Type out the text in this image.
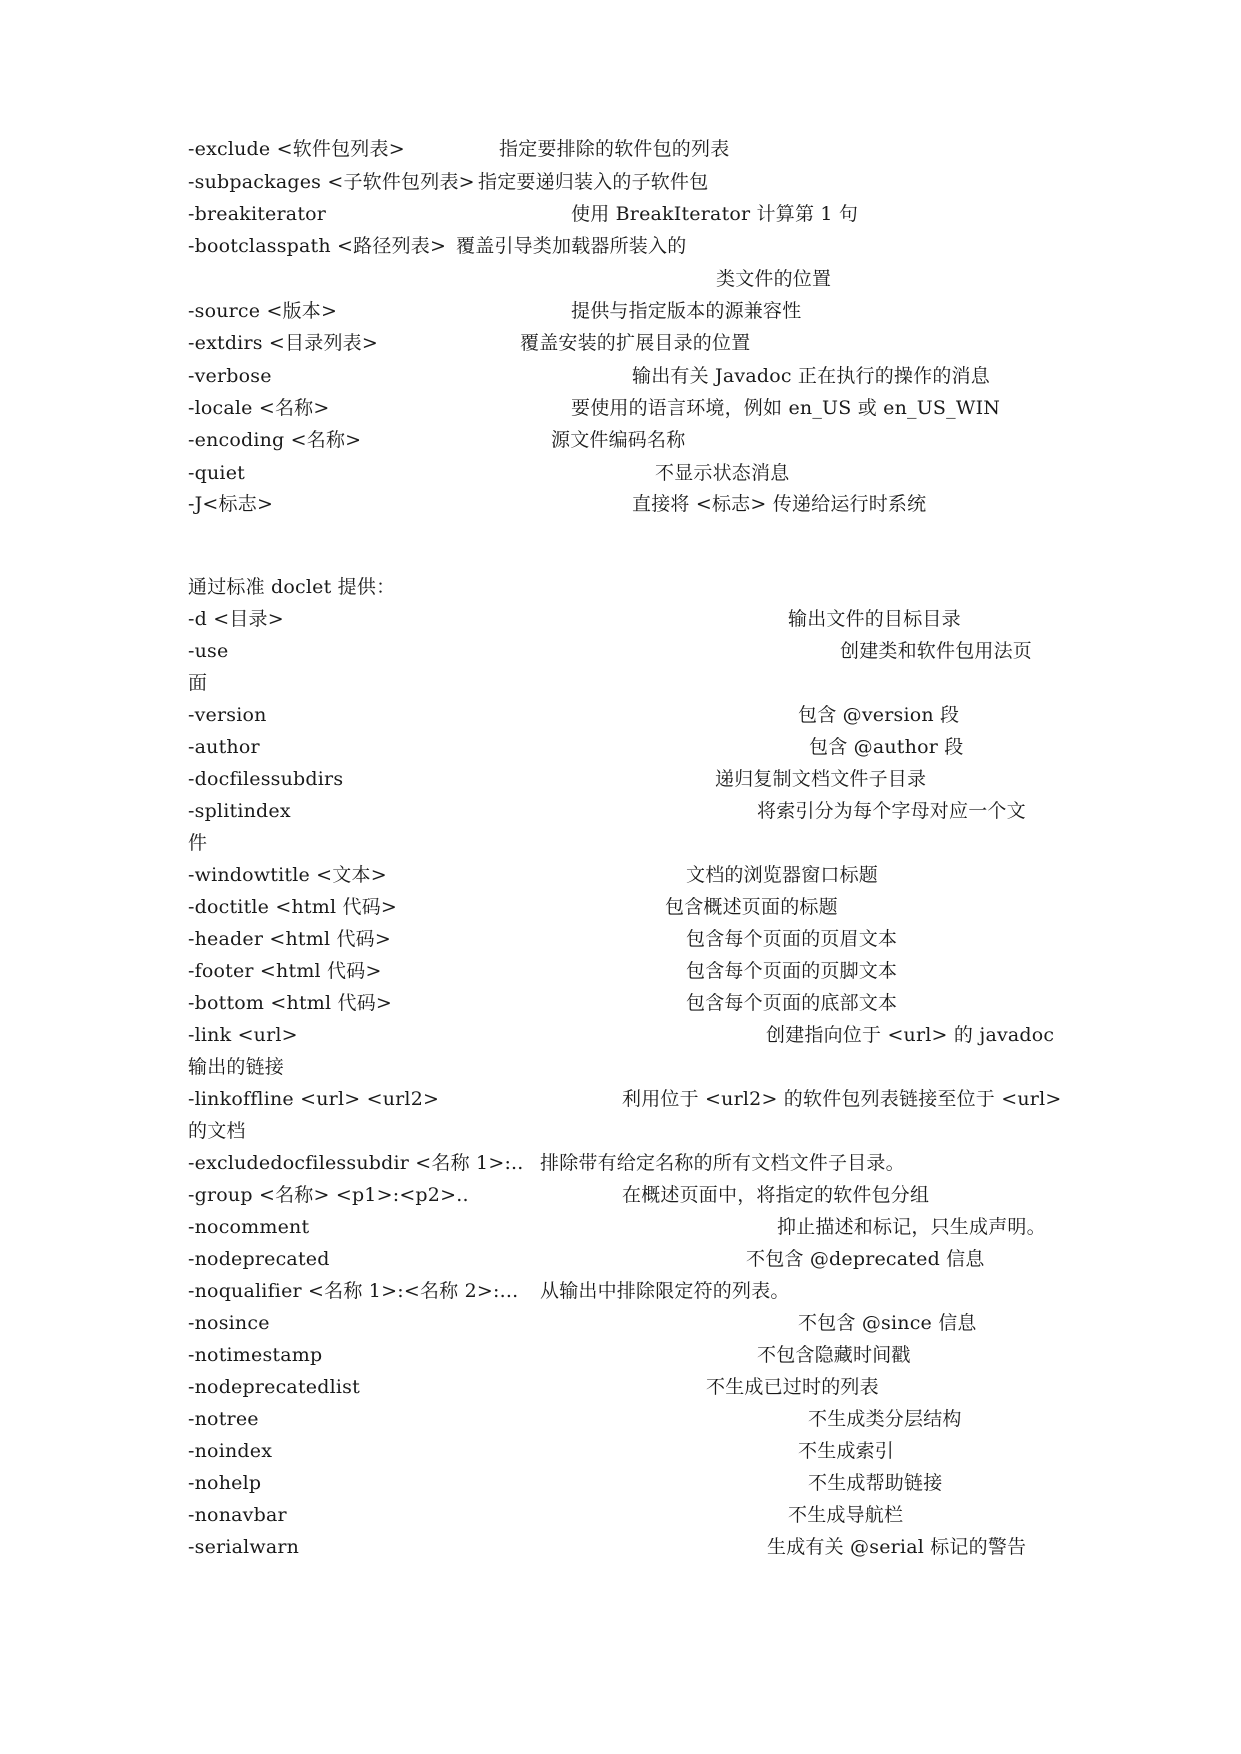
-exclude <软件包列表>	指定要排除的软件包的列表
-subpackages <子软件包列表> 指定要递归装入的子软件包
-breakiterator	使用 BreakIterator 计算第 1 句
-bootclasspath <路径列表> 覆盖引导类加载器所装入的
类文件的位置
-source <版本>	提供与指定版本的源兼容性
-extdirs <目录列表>	覆盖安装的扩展目录的位置
-verbose	输出有关 Javadoc 正在执行的操作的消息
-locale <名称>	要使用的语言环境，例如 en_US 或 en_US_WIN
-encoding <名称>	源文件编码名称
-quiet	不显示状态消息
-J<标志>	直接将 <标志> 传递给运行时系统
通过标准 doclet 提供：
-d <目录>	输出文件的目标目录
-use	创建类和软件包用法页
面
-version	包含 @version 段
-author	包含 @author 段
-docfilessubdirs	递归复制文档文件子目录
-splitindex	将索引分为每个字母对应一个文
件
-windowtitle <文本>	文档的浏览器窗口标题
-doctitle <html 代码>	包含概述页面的标题
-header <html 代码>	包含每个页面的页眉文本
-footer <html 代码>	包含每个页面的页脚文本
-bottom <html 代码>	包含每个页面的底部文本
-link <url>	创建指向位于 <url> 的 javadoc
输出的链接
-linkoffline <url> <url2>	利用位于 <url2> 的软件包列表链接至位于 <url>
的文档
-excludedocfilessubdir <名称 1>:.. 排除带有给定名称的所有文档文件子目录。
-group <名称> <p1>:<p2>..	在概述页面中，将指定的软件包分组
-nocomment	抑止描述和标记，只生成声明。
-nodeprecated	不包含 @deprecated 信息
-noqualifier <名称 1>:<名称 2>:... 从输出中排除限定符的列表。
-nosince	不包含 @since 信息
-notimestamp	不包含隐藏时间戳
-nodeprecatedlist	不生成已过时的列表
-notree	不生成类分层结构
-noindex	不生成索引
-nohelp	不生成帮助链接
-nonavbar	不生成导航栏
-serialwarn	生成有关 @serial 标记的警告
